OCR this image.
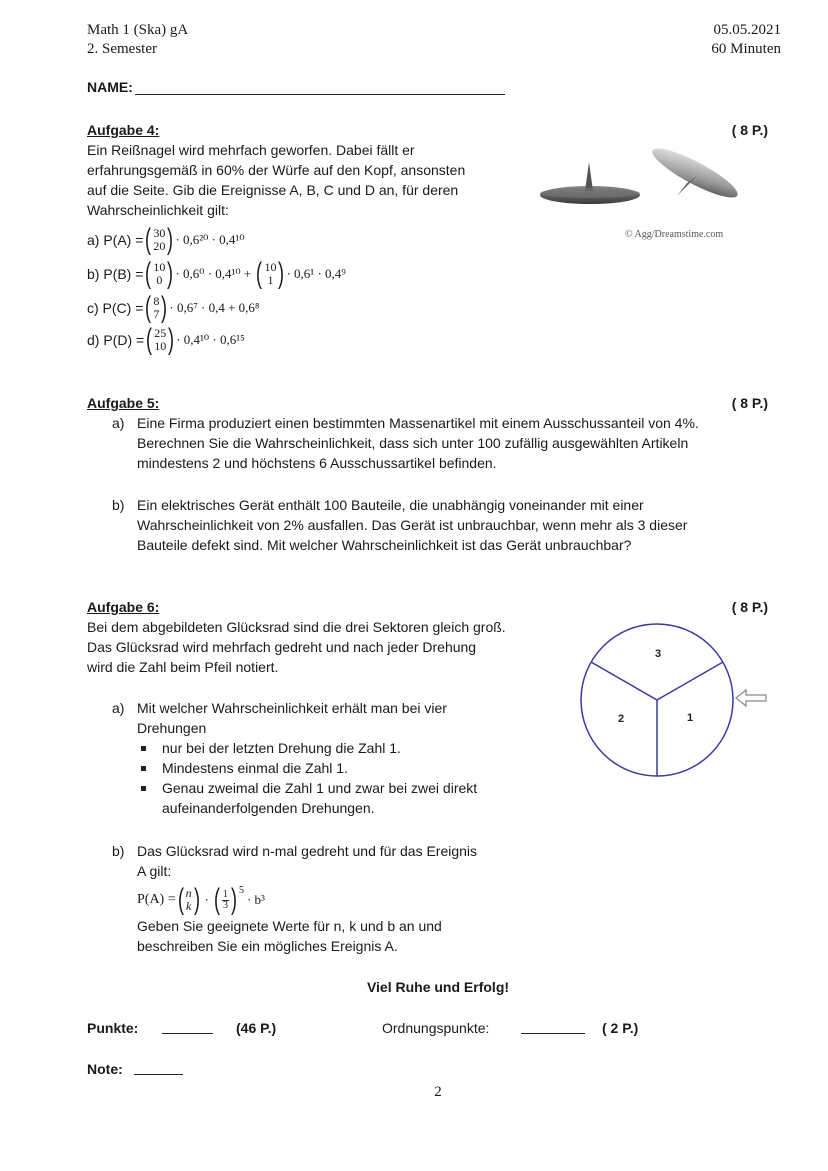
Math 1 (Ska) gA
2. Semester
05.05.2021
60 Minuten
NAME:
Aufgabe 4:	( 8 P.)
Ein Reißnagel wird mehrfach geworfen. Dabei fällt er
erfahrungsgemäß in 60% der Würfe auf den Kopf, ansonsten
auf die Seite. Gib die Ereignisse A, B, C und D an, für deren
Wahrscheinlichkeit gilt:
© Agg/Dreamstime.com
a) P(A) = ( 30
20 ) · 0,6²⁰ · 0,4¹⁰
b) P(B) = ( 10
0 ) · 0,6⁰ · 0,4¹⁰ + ( 10
1 ) · 0,6¹ · 0,4⁹
c) P(C) = ( 8
7 ) · 0,6⁷ · 0,4 + 0,6⁸
d) P(D) = ( 25
10 ) · 0,4¹⁰ · 0,6¹⁵
Aufgabe 5:	( 8 P.)
a) Eine Firma produziert einen bestimmten Massenartikel mit einem Ausschussanteil von 4%.
Berechnen Sie die Wahrscheinlichkeit, dass sich unter 100 zufällig ausgewählten Artikeln
mindestens 2 und höchstens 6 Ausschussartikel befinden.
b) Ein elektrisches Gerät enthält 100 Bauteile, die unabhängig voneinander mit einer
Wahrscheinlichkeit von 2% ausfallen. Das Gerät ist unbrauchbar, wenn mehr als 3 dieser
Bauteile defekt sind. Mit welcher Wahrscheinlichkeit ist das Gerät unbrauchbar?
Aufgabe 6:	( 8 P.)
Bei dem abgebildeten Glücksrad sind die drei Sektoren gleich groß.
Das Glücksrad wird mehrfach gedreht und nach jeder Drehung
wird die Zahl beim Pfeil notiert.
3
2	1
a) Mit welcher Wahrscheinlichkeit erhält man bei vier
Drehungen
nur bei der letzten Drehung die Zahl 1.
Mindestens einmal die Zahl 1.
Genau zweimal die Zahl 1 und zwar bei zwei direkt
aufeinanderfolgenden Drehungen.
b) Das Glücksrad wird n-mal gedreht und für das Ereignis
A gilt:
P(A) = ( n
k ) · ( $\frac{1}{3} )^5$
· b³
Geben Sie geeignete Werte für n, k und b an und
beschreiben Sie ein mögliches Ereignis A.
Viel Ruhe und Erfolg!
Punkte:	(46 P.)	Ordnungspunkte:	( 2 P.)
Note:
2
